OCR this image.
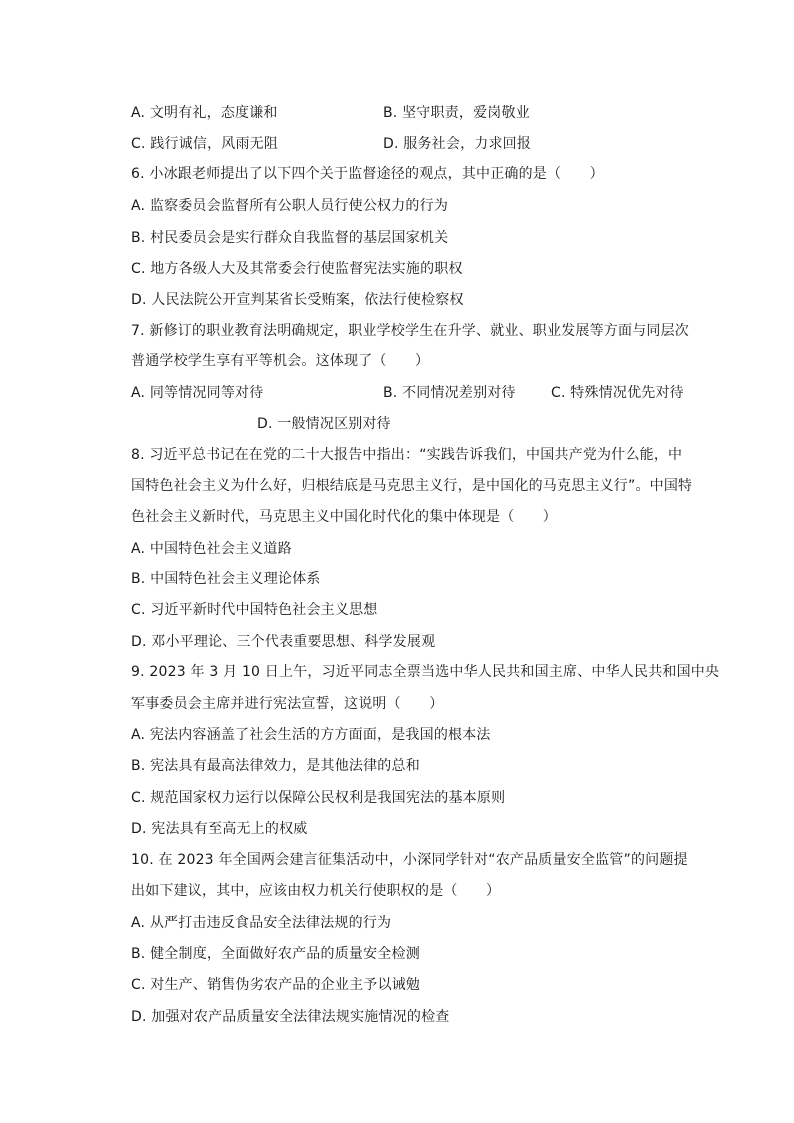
A. 文明有礼，态度谦和	B. 坚守职责，爱岗敬业
C. 践行诚信，风雨无阻	D. 服务社会，力求回报
6. 小冰跟老师提出了以下四个关于监督途径的观点，其中正确的是（　　）
A. 监察委员会监督所有公职人员行使公权力的行为
B. 村民委员会是实行群众自我监督的基层国家机关
C. 地方各级人大及其常委会行使监督宪法实施的职权
D. 人民法院公开宣判某省长受贿案，依法行使检察权
7. 新修订的职业教育法明确规定，职业学校学生在升学、就业、职业发展等方面与同层次
普通学校学生享有平等机会。这体现了（　　）
A. 同等情况同等对待	B. 不同情况差别对待	C. 特殊情况优先对待
D. 一般情况区别对待
8. 习近平总书记在在党的二十大报告中指出：“实践告诉我们，中国共产党为什么能，中
国特色社会主义为什么好，归根结底是马克思主义行，是中国化的马克思主义行”。中国特
色社会主义新时代，马克思主义中国化时代化的集中体现是（　　）
A. 中国特色社会主义道路
B. 中国特色社会主义理论体系
C. 习近平新时代中国特色社会主义思想
D. 邓小平理论、三个代表重要思想、科学发展观
9. 2023 年 3 月 10 日上午，习近平同志全票当选中华人民共和国主席、中华人民共和国中央
军事委员会主席并进行宪法宣誓，这说明（　　）
A. 宪法内容涵盖了社会生活的方方面面，是我国的根本法
B. 宪法具有最高法律效力，是其他法律的总和
C. 规范国家权力运行以保障公民权利是我国宪法的基本原则
D. 宪法具有至高无上的权威
10. 在 2023 年全国两会建言征集活动中，小深同学针对“农产品质量安全监管”的问题提
出如下建议，其中，应该由权力机关行使职权的是（　　）
A. 从严打击违反食品安全法律法规的行为
B. 健全制度，全面做好农产品的质量安全检测
C. 对生产、销售伪劣农产品的企业主予以诫勉
D. 加强对农产品质量安全法律法规实施情况的检查
